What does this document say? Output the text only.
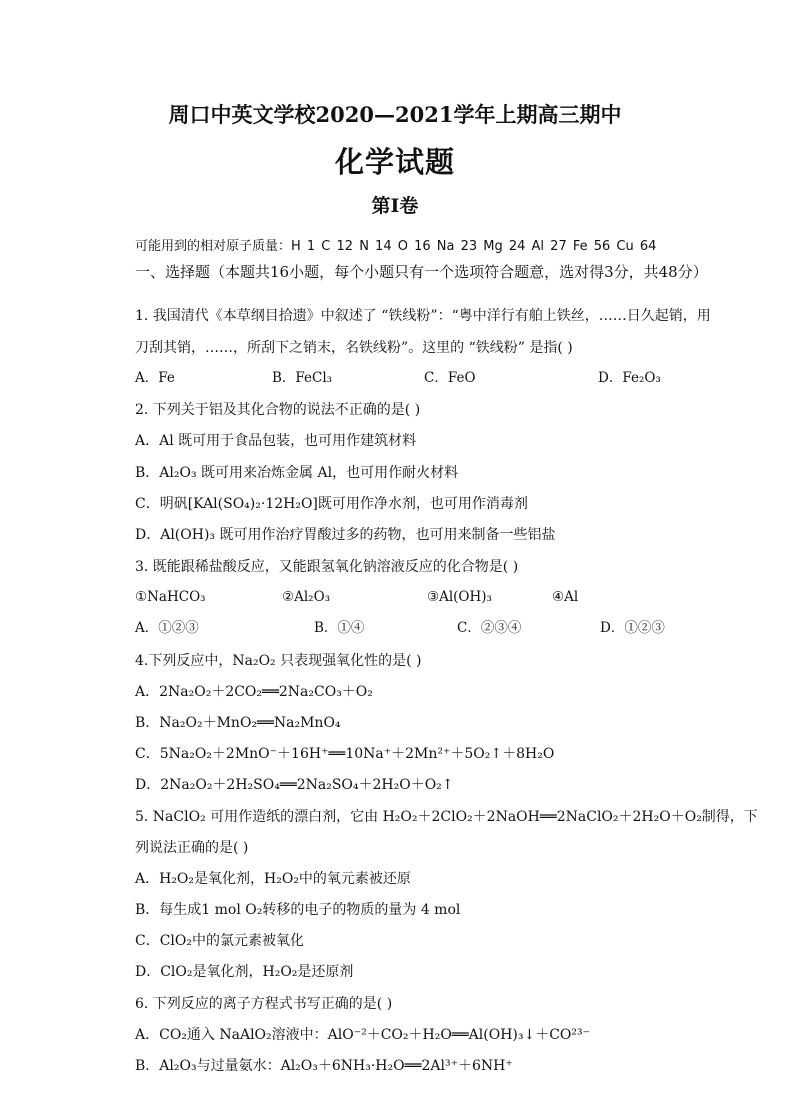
周口中英文学校2020—2021学年上期高三期中
化学试题
第Ⅰ卷
可能用到的相对原子质量：H 1 C 12 N 14 O 16 Na 23 Mg 24 Al 27 Fe 56 Cu 64
一、选择题（本题共16小题，每个小题只有一个选项符合题意，选对得3分，共48分）
1. 我国清代《本草纲目拾遗》中叙述了 “铁线粉”：“粤中洋行有舶上铁丝，……日久起销，用
刀刮其销，……，所刮下之销末，名铁线粉”。这里的 “铁线粉” 是指( )
A．Fe	B．FeCl₃	C．FeO	D．Fe₂O₃
2. 下列关于铝及其化合物的说法不正确的是( )
A．Al 既可用于食品包装，也可用作建筑材料
B．Al₂O₃ 既可用来冶炼金属 Al，也可用作耐火材料
C．明矾[KAl(SO₄)₂·12H₂O]既可用作净水剂，也可用作消毒剂
D．Al(OH)₃ 既可用作治疗胃酸过多的药物，也可用来制备一些铝盐
3. 既能跟稀盐酸反应，又能跟氢氧化钠溶液反应的化合物是( )
①NaHCO₃	②Al₂O₃	③Al(OH)₃	④Al
A．①②③	B．①④	C．②③④	D．①②③
4.下列反应中，Na₂O₂ 只表现强氧化性的是( )
A．2Na₂O₂＋2CO₂══2Na₂CO₃＋O₂
B．Na₂O₂＋MnO₂══Na₂MnO₄
C．5Na₂O₂＋2MnO⁻＋16H⁺══10Na⁺＋2Mn²⁺＋5O₂↑＋8H₂O
D．2Na₂O₂＋2H₂SO₄══2Na₂SO₄＋2H₂O＋O₂↑
5. NaClO₂ 可用作造纸的漂白剂，它由 H₂O₂＋2ClO₂＋2NaOH══2NaClO₂＋2H₂O＋O₂制得，下
列说法正确的是( )
A．H₂O₂是氧化剂，H₂O₂中的氧元素被还原
B．每生成1 mol O₂转移的电子的物质的量为 4 mol
C．ClO₂中的氯元素被氧化
D．ClO₂是氧化剂，H₂O₂是还原剂
6. 下列反应的离子方程式书写正确的是( )
A．CO₂通入 NaAlO₂溶液中：AlO⁻²＋CO₂＋H₂O══Al(OH)₃↓＋CO²³⁻
B．Al₂O₃与过量氨水：Al₂O₃＋6NH₃·H₂O══2Al³⁺＋6NH⁺
